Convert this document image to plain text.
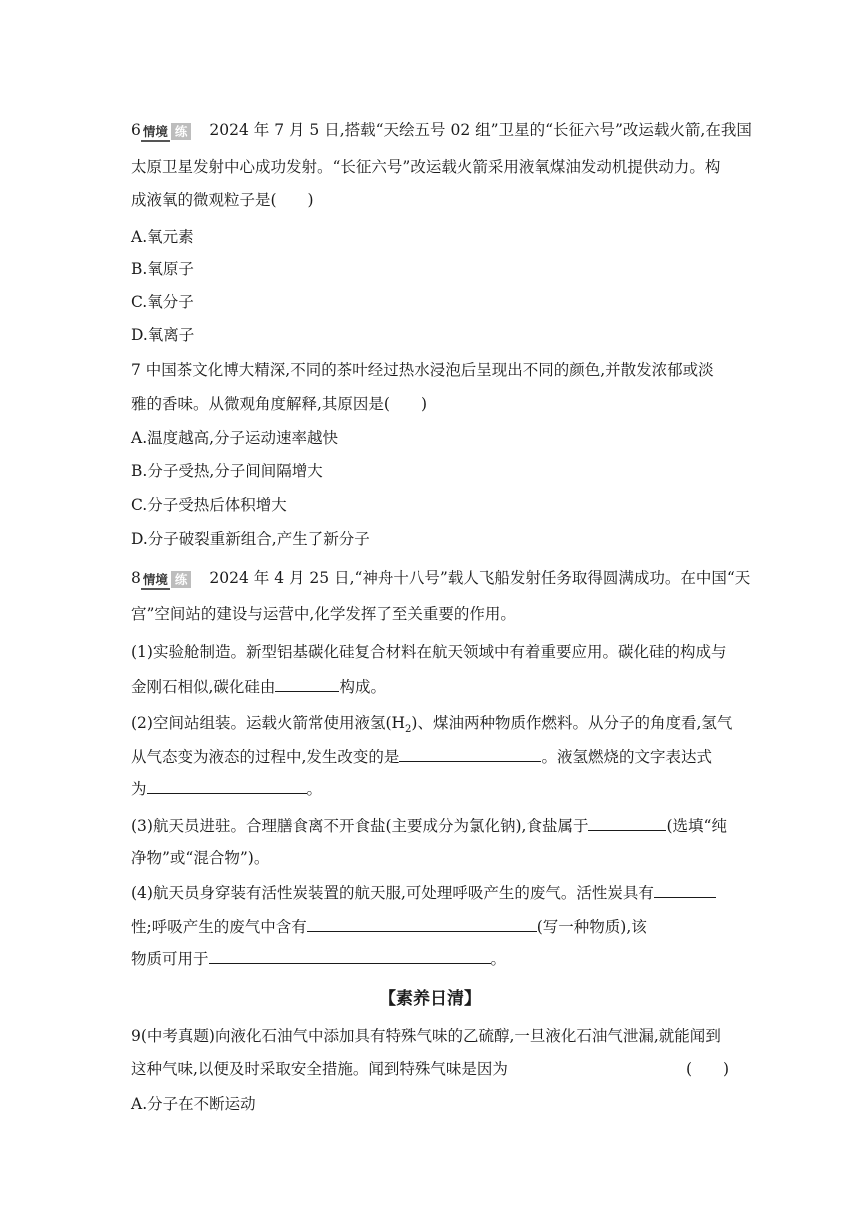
6 情境 练 2024 年 7 月 5 日,搭载“天绘五号 02 组”卫星的“长征六号”改运载火箭,在我国
太原卫星发射中心成功发射。“长征六号”改运载火箭采用液氧煤油发动机提供动力。构
成液氧的微观粒子是(　　)
A.氧元素
B.氧原子
C.氧分子
D.氧离子
7 中国茶文化博大精深,不同的茶叶经过热水浸泡后呈现出不同的颜色,并散发浓郁或淡
雅的香味。从微观角度解释,其原因是(　　)
A.温度越高,分子运动速率越快
B.分子受热,分子间间隔增大
C.分子受热后体积增大
D.分子破裂重新组合,产生了新分子
8 情境 练 2024 年 4 月 25 日,“神舟十八号”载人飞船发射任务取得圆满成功。在中国“天
宫”空间站的建设与运营中,化学发挥了至关重要的作用。
(1)实验舱制造。新型铝基碳化硅复合材料在航天领域中有着重要应用。碳化硅的构成与
金刚石相似,碳化硅由	构成。
(2)空间站组装。运载火箭常使用液氢$(H_2)$、煤油两种物质作燃料。从分子的角度看,氢气
从气态变为液态的过程中,发生改变的是	。液氢燃烧的文字表达式
为	。
(3)航天员进驻。合理膳食离不开食盐(主要成分为氯化钠),食盐属于	(选填“纯
净物”或“混合物”)。
(4)航天员身穿装有活性炭装置的航天服,可处理呼吸产生的废气。活性炭具有
性;呼吸产生的废气中含有	(写一种物质),该
物质可用于	。
【素养日清】
9(中考真题)向液化石油气中添加具有特殊气味的乙硫醇,一旦液化石油气泄漏,就能闻到
这种气味,以便及时采取安全措施。闻到特殊气味是因为	(　　)
A.分子在不断运动
